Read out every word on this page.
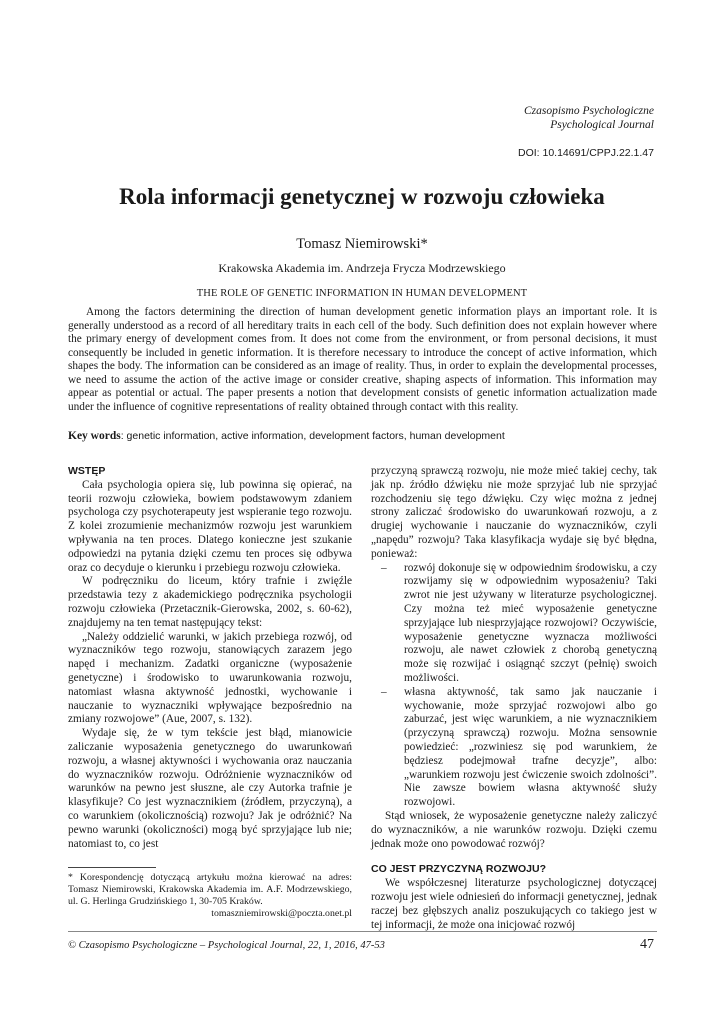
Czasopismo Psychologiczne
Psychological Journal
DOI: 10.14691/CPPJ.22.1.47
Rola informacji genetycznej w rozwoju człowieka
Tomasz Niemirowski*
Krakowska Akademia im. Andrzeja Frycza Modrzewskiego
THE ROLE OF GENETIC INFORMATION IN HUMAN DEVELOPMENT

Among the factors determining the direction of human development genetic information plays an important role. It is generally understood as a record of all hereditary traits in each cell of the body. Such definition does not explain however where the primary energy of development comes from. It does not come from the environment, or from personal decisions, it must consequently be included in genetic information. It is therefore necessary to introduce the concept of active information, which shapes the body. The information can be considered as an image of reality. Thus, in order to explain the developmental processes, we need to assume the action of the active image or consider creative, shaping aspects of information. This information may appear as potential or actual. The paper presents a notion that development consists of genetic information actualization made under the influence of cognitive representations of reality obtained through contact with this reality.

Key words: genetic information, active information, development factors, human development

WSTĘP

Cała psychologia opiera się, lub powinna się opierać, na teorii rozwoju człowieka, bowiem podstawowym zdaniem psychologa czy psychoterapeuty jest wspieranie tego rozwoju. Z kolei zrozumienie mechanizmów rozwoju jest warunkiem wpływania na ten proces. Dlatego konieczne jest szukanie odpowiedzi na pytania dzięki czemu ten proces się odbywa oraz co decyduje o kierunku i przebiegu rozwoju człowieka.

W podręczniku do liceum, który trafnie i zwięźle przedstawia tezy z akademickiego podręcznika psychologii rozwoju człowieka (Przetacznik-Gierowska, 2002, s. 60-62), znajdujemy na ten temat następujący tekst:

„Należy oddzielić warunki, w jakich przebiega rozwój, od wyznaczników tego rozwoju, stanowiących zarazem jego napęd i mechanizm. Zadatki organiczne (wyposażenie genetyczne) i środowisko to uwarunkowania rozwoju, natomiast własna aktywność jednostki, wychowanie i nauczanie to wyznaczniki wpływające bezpośrednio na zmiany rozwojowe” (Aue, 2007, s. 132).

Wydaje się, że w tym tekście jest błąd, mianowicie zaliczanie wyposażenia genetycznego do uwarunkowań rozwoju, a własnej aktywności i wychowania oraz nauczania do wyznaczników rozwoju. Odróżnienie wyznaczników od warunków na pewno jest słuszne, ale czy Autorka trafnie je klasyfikuje? Co jest wyznacznikiem (źródłem, przyczyną), a co warunkiem (okolicznością) rozwoju? Jak je odróżnić? Na pewno warunki (okoliczności) mogą być sprzyjające lub nie; natomiast to, co jest

* Korespondencję dotyczącą artykułu można kierować na adres: Tomasz Niemirowski, Krakowska Akademia im. A.F. Modrzewskiego, ul. G. Herlinga Grudzińskiego 1, 30-705 Kraków.
tomaszniemirowski@poczta.onet.pl

przyczyną sprawczą rozwoju, nie może mieć takiej cechy, tak jak np. źródło dźwięku nie może sprzyjać lub nie sprzyjać rozchodzeniu się tego dźwięku. Czy więc można z jednej strony zaliczać środowisko do uwarunkowań rozwoju, a z drugiej wychowanie i nauczanie do wyznaczników, czyli „napędu” rozwoju? Taka klasyfikacja wydaje się być błędna, ponieważ:

– rozwój dokonuje się w odpowiednim środowisku, a czy rozwijamy się w odpowiednim wyposażeniu? Taki zwrot nie jest używany w literaturze psychologicznej. Czy można też mieć wyposażenie genetyczne sprzyjające lub niesprzyjające rozwojowi? Oczywiście, wyposażenie genetyczne wyznacza możliwości rozwoju, ale nawet człowiek z chorobą genetyczną może się rozwijać i osiągnąć szczyt (pełnię) swoich możliwości.

– własna aktywność, tak samo jak nauczanie i wychowanie, może sprzyjać rozwojowi albo go zaburzać, jest więc warunkiem, a nie wyznacznikiem (przyczyną sprawczą) rozwoju. Można sensownie powiedzieć: „rozwiniesz się pod warunkiem, że będziesz podejmował trafne decyzje”, albo: „warunkiem rozwoju jest ćwiczenie swoich zdolności”. Nie zawsze bowiem własna aktywność służy rozwojowi.

Stąd wniosek, że wyposażenie genetyczne należy zaliczyć do wyznaczników, a nie warunków rozwoju. Dzięki czemu jednak może ono powodować rozwój?

CO JEST PRZYCZYNĄ ROZWOJU?

We współczesnej literaturze psychologicznej dotyczącej rozwoju jest wiele odniesień do informacji genetycznej, jednak raczej bez głębszych analiz poszukujących co takiego jest w tej informacji, że może ona inicjować rozwój

© Czasopismo Psychologiczne – Psychological Journal, 22, 1, 2016, 47-53	47
